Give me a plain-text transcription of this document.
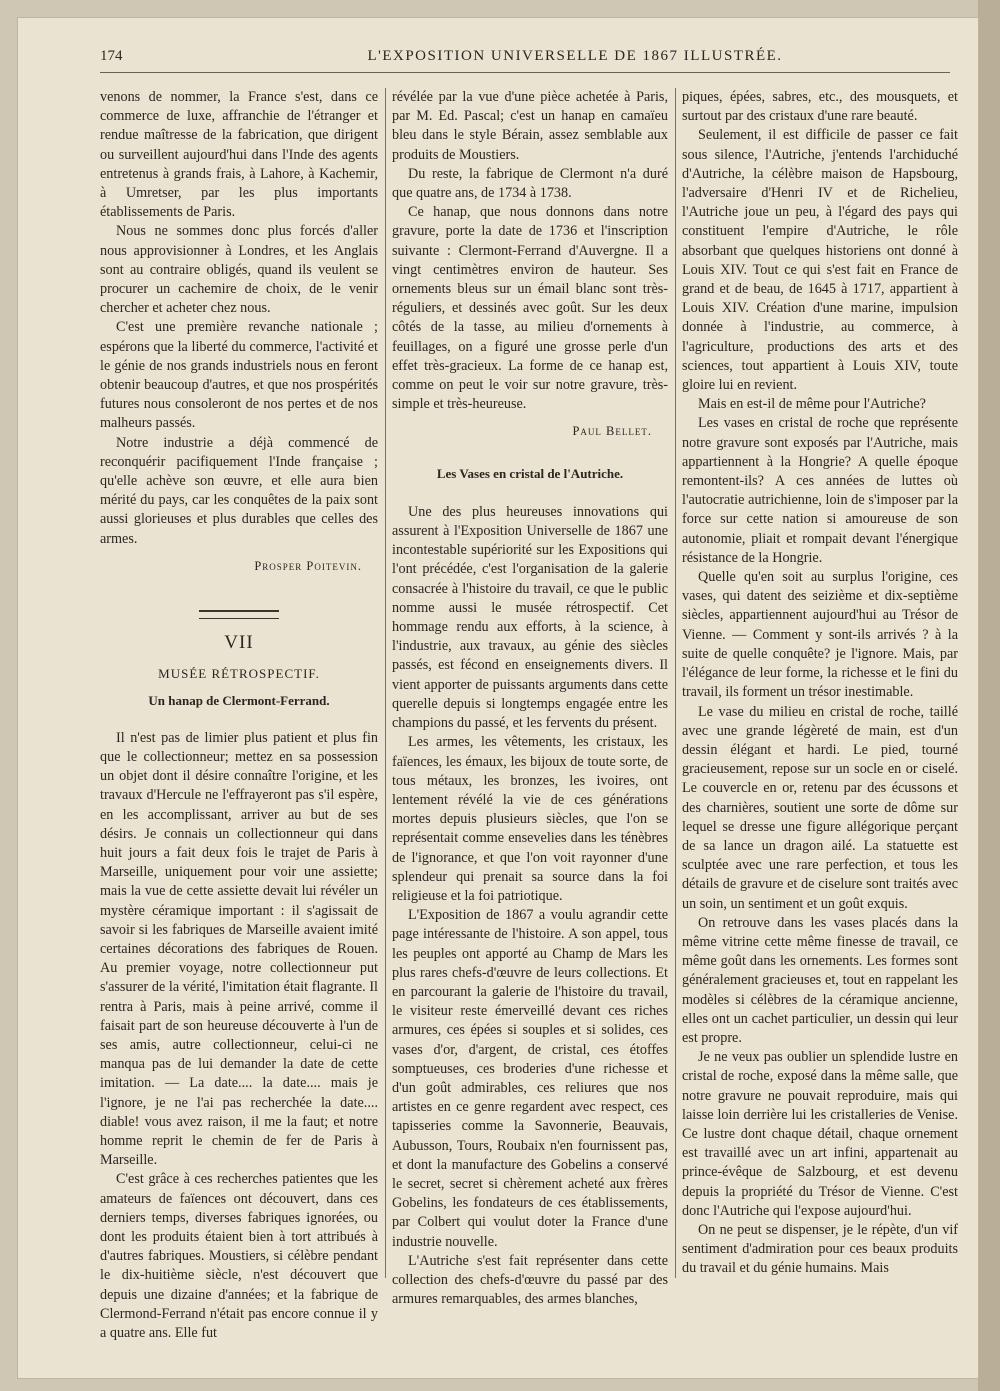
174	L'EXPOSITION UNIVERSELLE DE 1867 ILLUSTRÉE.

venons de nommer, la France s'est, dans ce commerce de luxe, affranchie de l'étranger et rendue maîtresse de la fabrication, que dirigent ou surveillent aujourd'hui dans l'Inde des agents entretenus à grands frais, à Lahore, à Kachemir, à Umretser, par les plus importants établissements de Paris.

Nous ne sommes donc plus forcés d'aller nous approvisionner à Londres, et les Anglais sont au contraire obligés, quand ils veulent se procurer un cachemire de choix, de le venir chercher et acheter chez nous.

C'est une première revanche nationale ; espérons que la liberté du commerce, l'activité et le génie de nos grands industriels nous en feront obtenir beaucoup d'autres, et que nos prospérités futures nous consoleront de nos pertes et de nos malheurs passés.

Notre industrie a déjà commencé de reconquérir pacifiquement l'Inde française ; qu'elle achève son œuvre, et elle aura bien mérité du pays, car les conquêtes de la paix sont aussi glorieuses et plus durables que celles des armes.

Prosper Poitevin.
VII
MUSÉE RÉTROSPECTIF.
Un hanap de Clermont-Ferrand.

Il n'est pas de limier plus patient et plus fin que le collectionneur; mettez en sa possession un objet dont il désire connaître l'origine, et les travaux d'Hercule ne l'effrayeront pas s'il espère, en les accomplissant, arriver au but de ses désirs. Je connais un collectionneur qui dans huit jours a fait deux fois le trajet de Paris à Marseille, uniquement pour voir une assiette; mais la vue de cette assiette devait lui révéler un mystère céramique important : il s'agissait de savoir si les fabriques de Marseille avaient imité certaines décorations des fabriques de Rouen. Au premier voyage, notre collectionneur put s'assurer de la vérité, l'imitation était flagrante. Il rentra à Paris, mais à peine arrivé, comme il faisait part de son heureuse découverte à l'un de ses amis, autre collectionneur, celui-ci ne manqua pas de lui demander la date de cette imitation. — La date.... la date.... mais je l'ignore, je ne l'ai pas recherchée la date.... diable! vous avez raison, il me la faut; et notre homme reprit le chemin de fer de Paris à Marseille.

C'est grâce à ces recherches patientes que les amateurs de faïences ont découvert, dans ces derniers temps, diverses fabriques ignorées, ou dont les produits étaient bien à tort attribués à d'autres fabriques. Moustiers, si célèbre pendant le dix-huitième siècle, n'est découvert que depuis une dizaine d'années; et la fabrique de Clermond-Ferrand n'était pas encore connue il y a quatre ans. Elle fut

révélée par la vue d'une pièce achetée à Paris, par M. Ed. Pascal; c'est un hanap en camaïeu bleu dans le style Bérain, assez semblable aux produits de Moustiers.

Du reste, la fabrique de Clermont n'a duré que quatre ans, de 1734 à 1738.

Ce hanap, que nous donnons dans notre gravure, porte la date de 1736 et l'inscription suivante : Clermont-Ferrand d'Auvergne. Il a vingt centimètres environ de hauteur. Ses ornements bleus sur un émail blanc sont très-réguliers, et dessinés avec goût. Sur les deux côtés de la tasse, au milieu d'ornements à feuillages, on a figuré une grosse perle d'un effet très-gracieux. La forme de ce hanap est, comme on peut le voir sur notre gravure, très-simple et très-heureuse.

Paul Bellet.
Les Vases en cristal de l'Autriche.

Une des plus heureuses innovations qui assurent à l'Exposition Universelle de 1867 une incontestable supériorité sur les Expositions qui l'ont précédée, c'est l'organisation de la galerie consacrée à l'histoire du travail, ce que le public nomme aussi le musée rétrospectif. Cet hommage rendu aux efforts, à la science, à l'industrie, aux travaux, au génie des siècles passés, est fécond en enseignements divers. Il vient apporter de puissants arguments dans cette querelle depuis si longtemps engagée entre les champions du passé, et les fervents du présent.

Les armes, les vêtements, les cristaux, les faïences, les émaux, les bijoux de toute sorte, de tous métaux, les bronzes, les ivoires, ont lentement révélé la vie de ces générations mortes depuis plusieurs siècles, que l'on se représentait comme ensevelies dans les ténèbres de l'ignorance, et que l'on voit rayonner d'une splendeur qui prenait sa source dans la foi religieuse et la foi patriotique.

L'Exposition de 1867 a voulu agrandir cette page intéressante de l'histoire. A son appel, tous les peuples ont apporté au Champ de Mars les plus rares chefs-d'œuvre de leurs collections. Et en parcourant la galerie de l'histoire du travail, le visiteur reste émerveillé devant ces riches armures, ces épées si souples et si solides, ces vases d'or, d'argent, de cristal, ces étoffes somptueuses, ces broderies d'une richesse et d'un goût admirables, ces reliures que nos artistes en ce genre regardent avec respect, ces tapisseries comme la Savonnerie, Beauvais, Aubusson, Tours, Roubaix n'en fournissent pas, et dont la manufacture des Gobelins a conservé le secret, secret si chèrement acheté aux frères Gobelins, les fondateurs de ces établissements, par Colbert qui voulut doter la France d'une industrie nouvelle.

L'Autriche s'est fait représenter dans cette collection des chefs-d'œuvre du passé par des armures remarquables, des armes blanches,

piques, épées, sabres, etc., des mousquets, et surtout par des cristaux d'une rare beauté.

Seulement, il est difficile de passer ce fait sous silence, l'Autriche, j'entends l'archiduché d'Autriche, la célèbre maison de Hapsbourg, l'adversaire d'Henri IV et de Richelieu, l'Autriche joue un peu, à l'égard des pays qui constituent l'empire d'Autriche, le rôle absorbant que quelques historiens ont donné à Louis XIV. Tout ce qui s'est fait en France de grand et de beau, de 1645 à 1717, appartient à Louis XIV. Création d'une marine, impulsion donnée à l'industrie, au commerce, à l'agriculture, productions des arts et des sciences, tout appartient à Louis XIV, toute gloire lui en revient.

Mais en est-il de même pour l'Autriche?

Les vases en cristal de roche que représente notre gravure sont exposés par l'Autriche, mais appartiennent à la Hongrie? A quelle époque remontent-ils? A ces années de luttes où l'autocratie autrichienne, loin de s'imposer par la force sur cette nation si amoureuse de son autonomie, pliait et rompait devant l'énergique résistance de la Hongrie.

Quelle qu'en soit au surplus l'origine, ces vases, qui datent des seizième et dix-septième siècles, appartiennent aujourd'hui au Trésor de Vienne. — Comment y sont-ils arrivés ? à la suite de quelle conquête? je l'ignore. Mais, par l'élégance de leur forme, la richesse et le fini du travail, ils forment un trésor inestimable.

Le vase du milieu en cristal de roche, taillé avec une grande légèreté de main, est d'un dessin élégant et hardi. Le pied, tourné gracieusement, repose sur un socle en or ciselé. Le couvercle en or, retenu par des écussons et des charnières, soutient une sorte de dôme sur lequel se dresse une figure allégorique perçant de sa lance un dragon ailé. La statuette est sculptée avec une rare perfection, et tous les détails de gravure et de ciselure sont traités avec un soin, un sentiment et un goût exquis.

On retrouve dans les vases placés dans la même vitrine cette même finesse de travail, ce même goût dans les ornements. Les formes sont généralement gracieuses et, tout en rappelant les modèles si célèbres de la céramique ancienne, elles ont un cachet particulier, un dessin qui leur est propre.

Je ne veux pas oublier un splendide lustre en cristal de roche, exposé dans la même salle, que notre gravure ne pouvait reproduire, mais qui laisse loin derrière lui les cristalleries de Venise. Ce lustre dont chaque détail, chaque ornement est travaillé avec un art infini, appartenait au prince-évêque de Salzbourg, et est devenu depuis la propriété du Trésor de Vienne. C'est donc l'Autriche qui l'expose aujourd'hui.

On ne peut se dispenser, je le répète, d'un vif sentiment d'admiration pour ces beaux produits du travail et du génie humains. Mais
